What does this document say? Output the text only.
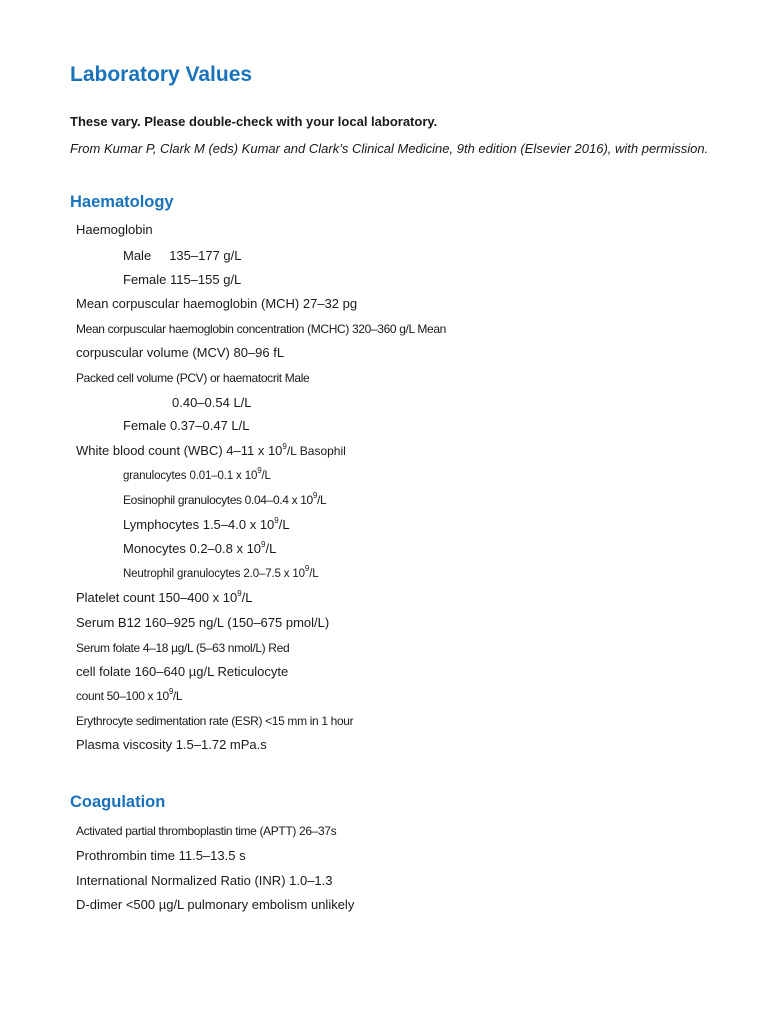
Laboratory Values
These vary. Please double-check with your local laboratory.
From Kumar P, Clark M (eds) Kumar and Clark’s Clinical Medicine, 9th edition (Elsevier 2016), with permission.
Haematology
Haemoglobin
Male 135–177 g/L
Female 115–155 g/L
Mean corpuscular haemoglobin (MCH) 27–32 pg
Mean corpuscular haemoglobin concentration (MCHC) 320–360 g/L Mean
corpuscular volume (MCV) 80–96 fL
Packed cell volume (PCV) or haematocrit Male
0.40–0.54 L/L
Female 0.37–0.47 L/L
White blood count (WBC) 4–11 x $10^9/L$ Basophil
granulocytes 0.01–0.1 x $10^9/L$
Eosinophil granulocytes 0.04–0.4 x $10^9/L$
Lymphocytes 1.5–4.0 x $10^9/L$
Monocytes 0.2–0.8 x $10^9/L$
Neutrophil granulocytes 2.0–7.5 x $10^9/L$
Platelet count 150–400 x $10^9/L$
Serum B12 160–925 ng/L (150–675 pmol/L)
Serum folate 4–18 µg/L (5–63 nmol/L) Red
cell folate 160–640 µg/L Reticulocyte
count 50–100 x $10^9/L$
Erythrocyte sedimentation rate (ESR) <15 mm in 1 hour
Plasma viscosity 1.5–1.72 mPa.s
Coagulation
Activated partial thromboplastin time (APTT) 26–37s
Prothrombin time 11.5–13.5 s
International Normalized Ratio (INR) 1.0–1.3
D-dimer <500 µg/L pulmonary embolism unlikely
